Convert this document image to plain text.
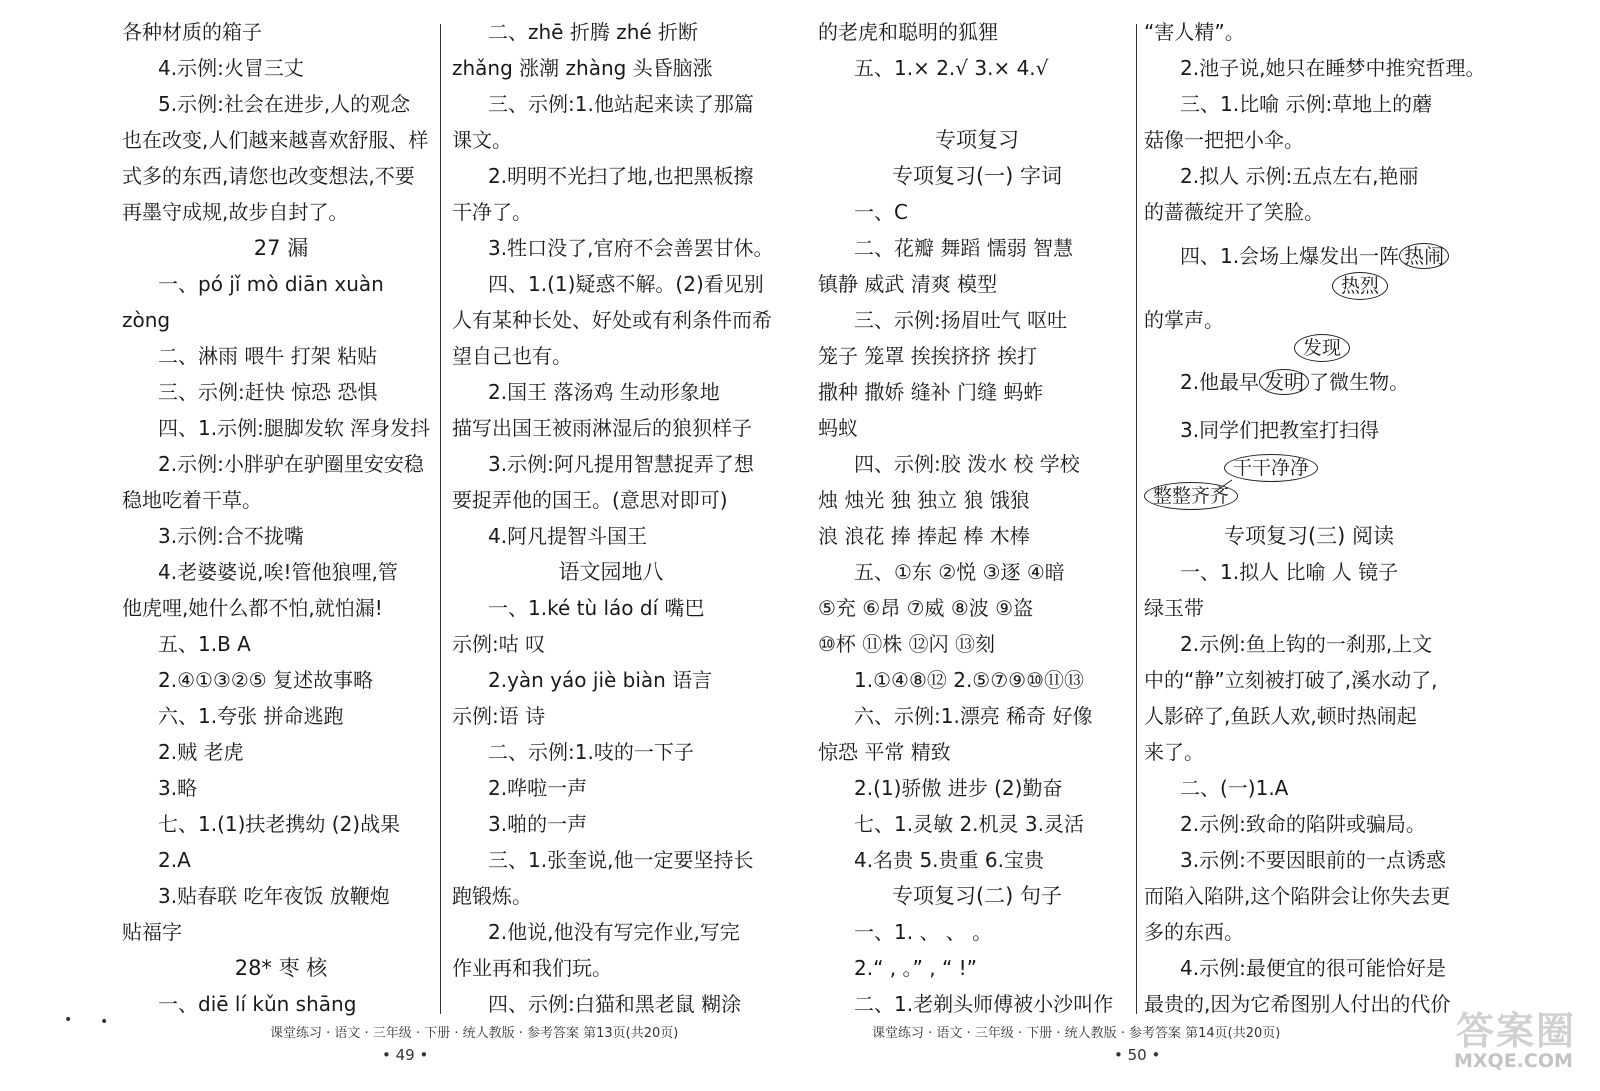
各种材质的箱子
4.示例:火冒三丈
5.示例:社会在进步,人的观念
也在改变,人们越来越喜欢舒服、样
式多的东西,请您也改变想法,不要
再墨守成规,故步自封了。
27 漏
一、pó jǐ mò diān xuàn
zòng
二、淋雨 喂牛 打架 粘贴
三、示例:赶快 惊恐 恐惧
四、1.示例:腿脚发软 浑身发抖
2.示例:小胖驴在驴圈里安安稳
稳地吃着干草。
3.示例:合不拢嘴
4.老婆婆说,唉!管他狼哩,管
他虎哩,她什么都不怕,就怕漏!
五、1.B A
2.④①③②⑤ 复述故事略
六、1.夸张 拼命逃跑
2.贼 老虎
3.略
七、1.(1)扶老携幼 (2)战果
2.A
3.贴春联 吃年夜饭 放鞭炮
贴福字
28* 枣 核
一、diē lí kǔn shāng
二、zhē 折腾 zhé 折断
zhǎng 涨潮 zhàng 头昏脑涨
三、示例:1.他站起来读了那篇
课文。
2.明明不光扫了地,也把黑板擦
干净了。
3.牲口没了,官府不会善罢甘休。
四、1.(1)疑惑不解。(2)看见别
人有某种长处、好处或有利条件而希
望自己也有。
2.国王 落汤鸡 生动形象地
描写出国王被雨淋湿后的狼狈样子
3.示例:阿凡提用智慧捉弄了想
要捉弄他的国王。(意思对即可)
4.阿凡提智斗国王
语文园地八
一、1.ké tù láo dí 嘴巴
示例:咕 叹
2.yàn yáo jiè biàn 语言
示例:语 诗
二、示例:1.吱的一下子
2.哗啦一声
3.啪的一声
三、1.张奎说,他一定要坚持长
跑锻炼。
2.他说,他没有写完作业,写完
作业再和我们玩。
四、示例:白猫和黑老鼠 糊涂
的老虎和聪明的狐狸
五、1.× 2.√ 3.× 4.√
专项复习
专项复习(一) 字词
一、C
二、花瓣 舞蹈 懦弱 智慧
镇静 威武 清爽 模型
三、示例:扬眉吐气 呕吐
笼子 笼罩 挨挨挤挤 挨打
撒种 撒娇 缝补 门缝 蚂蚱
蚂蚁
四、示例:胶 泼水 校 学校
烛 烛光 独 独立 狼 饿狼
浪 浪花 捧 捧起 棒 木棒
五、①东 ②悦 ③逐 ④暗
⑤充 ⑥昂 ⑦威 ⑧波 ⑨盗
⑩杯 ⑪株 ⑫闪 ⑬刻
1.①④⑧⑫ 2.⑤⑦⑨⑩⑪⑬
六、示例:1.漂亮 稀奇 好像
惊恐 平常 精致
2.(1)骄傲 进步 (2)勤奋
七、1.灵敏 2.机灵 3.灵活
4.名贵 5.贵重 6.宝贵
专项复习(二) 句子
一、1. 、 、 。
2.“ , 。” , “ !”
二、1.老剃头师傅被小沙叫作
“害人精”。
2.池子说,她只在睡梦中推究哲理。
三、1.比喻 示例:草地上的蘑
菇像一把把小伞。
2.拟人 示例:五点左右,艳丽
的蔷薇绽开了笑脸。
四、1.会场上爆发出一阵 热闹
热烈
的掌声。
发现
2.他最早 发明 了微生物。
3.同学们把教室打扫得
干干净净
整整齐齐
专项复习(三) 阅读
一、1.拟人 比喻 人 镜子
绿玉带
2.示例:鱼上钩的一刹那,上文
中的“静”立刻被打破了,溪水动了,
人影碎了,鱼跃人欢,顿时热闹起
来了。
二、(一)1.A
2.示例:致命的陷阱或骗局。
3.示例:不要因眼前的一点诱惑
而陷入陷阱,这个陷阱会让你失去更
多的东西。
4.示例:最便宜的很可能恰好是
最贵的,因为它希图别人付出的代价
课堂练习 · 语文 · 三年级 · 下册 · 统人教版 · 参考答案 第13页(共20页)
• 49 •
课堂练习 · 语文 · 三年级 · 下册 · 统人教版 · 参考答案 第14页(共20页)
• 50 •
• •	答案圈
MXQE.COM
